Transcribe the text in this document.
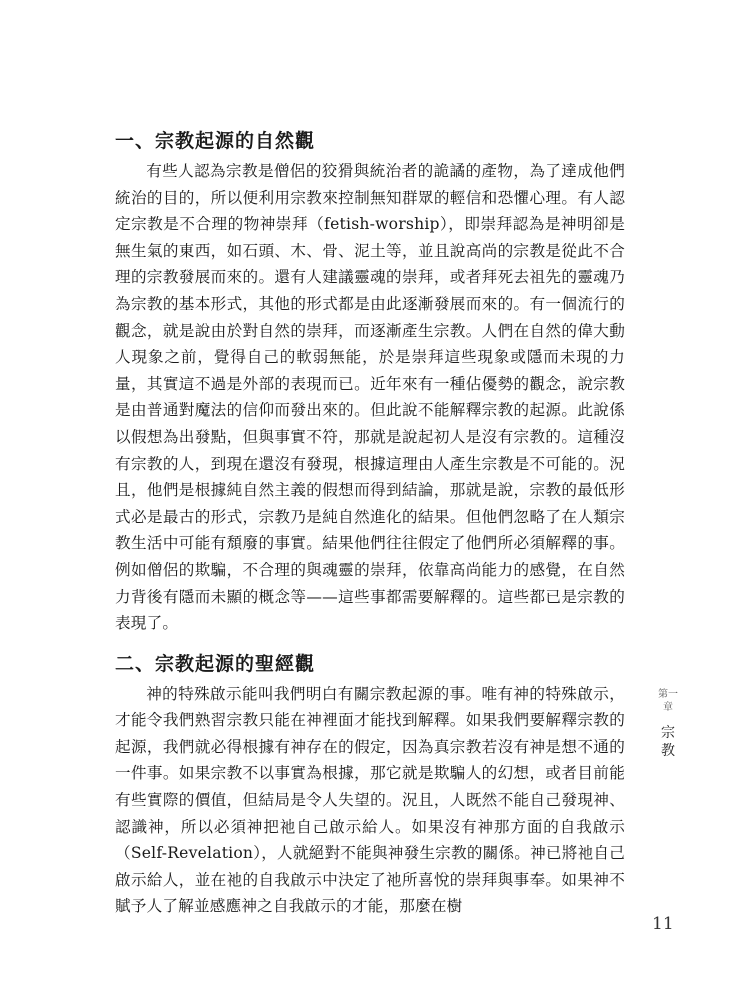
一、宗教起源的自然觀

有些人認為宗教是僧侶的狡猾與統治者的詭譎的產物，為了達成他們統治的目的，所以便利用宗教來控制無知群眾的輕信和恐懼心理。有人認定宗教是不合理的物神崇拜（fetish-worship），即崇拜認為是神明卻是無生氣的東西，如石頭、木、骨、泥土等，並且說高尚的宗教是從此不合理的宗教發展而來的。還有人建議靈魂的崇拜，或者拜死去祖先的靈魂乃為宗教的基本形式，其他的形式都是由此逐漸發展而來的。有一個流行的觀念，就是說由於對自然的崇拜，而逐漸產生宗教。人們在自然的偉大動人現象之前，覺得自己的軟弱無能，於是崇拜這些現象或隱而未現的力量，其實這不過是外部的表現而已。近年來有一種佔優勢的觀念，說宗教是由普通對魔法的信仰而發出來的。但此說不能解釋宗教的起源。此說係以假想為出發點，但與事實不符，那就是說起初人是沒有宗教的。這種沒有宗教的人，到現在還沒有發現，根據這理由人產生宗教是不可能的。況且，他們是根據純自然主義的假想而得到結論，那就是說，宗教的最低形式必是最古的形式，宗教乃是純自然進化的結果。但他們忽略了在人類宗教生活中可能有頹廢的事實。結果他們往往假定了他們所必須解釋的事。例如僧侶的欺騙，不合理的與魂靈的崇拜，依靠高尚能力的感覺，在自然力背後有隱而未顯的概念等——這些事都需要解釋的。這些都已是宗教的表現了。

二、宗教起源的聖經觀

神的特殊啟示能叫我們明白有關宗教起源的事。唯有神的特殊啟示，才能令我們熟習宗教只能在神裡面才能找到解釋。如果我們要解釋宗教的起源，我們就必得根據有神存在的假定，因為真宗教若沒有神是想不通的一件事。如果宗教不以事實為根據，那它就是欺騙人的幻想，或者目前能有些實際的價值，但結局是令人失望的。況且，人既然不能自己發現神、認識神，所以必須神把祂自己啟示給人。如果沒有神那方面的自我啟示（Self-Revelation），人就絕對不能與神發生宗教的關係。神已將祂自己啟示給人，並在祂的自我啟示中決定了祂所喜悅的崇拜與事奉。如果神不賦予人了解並感應神之自我啟示的才能，那麼在樹

第一章
宗教
11
